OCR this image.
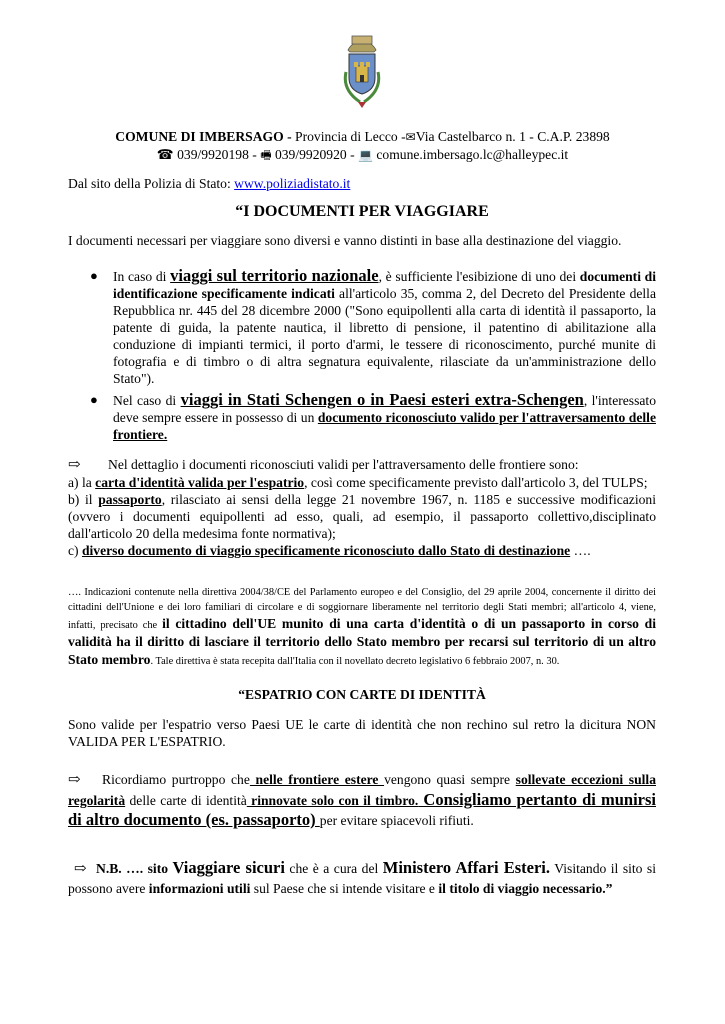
COMUNE DI IMBERSAGO - Provincia di Lecco -✉Via Castelbarco n. 1 - C.A.P. 23898
☎ 039/9920198 - 🖷 039/9920920 - 💻 comune.imbersago.lc@halleypec.it
Dal sito della Polizia di Stato: www.poliziadistato.it
“I DOCUMENTI PER VIAGGIARE
I documenti necessari per viaggiare sono diversi e vanno distinti in base alla destinazione del viaggio.
● In caso di viaggi sul territorio nazionale, è sufficiente l'esibizione di uno dei documenti di identificazione specificamente indicati all'articolo 35, comma 2, del Decreto del Presidente della Repubblica nr. 445 del 28 dicembre 2000 ("Sono equipollenti alla carta di identità il passaporto, la patente di guida, la patente nautica, il libretto di pensione, il patentino di abilitazione alla conduzione di impianti termici, il porto d'armi, le tessere di riconoscimento, purché munite di fotografia e di timbro o di altra segnatura equivalente, rilasciate da un'amministrazione dello Stato").
● Nel caso di viaggi in Stati Schengen o in Paesi esteri extra-Schengen, l'interessato deve sempre essere in possesso di un documento riconosciuto valido per l'attraversamento delle frontiere.
⇨ Nel dettaglio i documenti riconosciuti validi per l'attraversamento delle frontiere sono:
a) la carta d'identità valida per l'espatrio, così come specificamente previsto dall'articolo 3, del TULPS;
b) il passaporto, rilasciato ai sensi della legge 21 novembre 1967, n. 1185 e successive modificazioni (ovvero i documenti equipollenti ad esso, quali, ad esempio, il passaporto collettivo,disciplinato dall'articolo 20 della medesima fonte normativa);
c) diverso documento di viaggio specificamente riconosciuto dallo Stato di destinazione ….
…. Indicazioni contenute nella direttiva 2004/38/CE del Parlamento europeo e del Consiglio, del 29 aprile 2004, concernente il diritto dei cittadini dell'Unione e dei loro familiari di circolare e di soggiornare liberamente nel territorio degli Stati membri; all'articolo 4, viene, infatti, precisato che il cittadino dell'UE munito di una carta d'identità o di un passaporto in corso di validità ha il diritto di lasciare il territorio dello Stato membro per recarsi sul territorio di un altro Stato membro. Tale direttiva è stata recepita dall'Italia con il novellato decreto legislativo 6 febbraio 2007, n. 30.
“ESPATRIO CON CARTE DI IDENTITÀ
Sono valide per l'espatrio verso Paesi UE le carte di identità che non rechino sul retro la dicitura NON VALIDA PER L'ESPATRIO.
⇨ Ricordiamo purtroppo che nelle frontiere estere vengono quasi sempre sollevate eccezioni sulla regolarità delle carte di identità rinnovate solo con il timbro. Consigliamo pertanto di munirsi di altro documento (es. passaporto) per evitare spiacevoli rifiuti.
⇨ N.B. …. sito Viaggiare sicuri che è a cura del Ministero Affari Esteri. Visitando il sito si possono avere informazioni utili sul Paese che si intende visitare e il titolo di viaggio necessario.”
